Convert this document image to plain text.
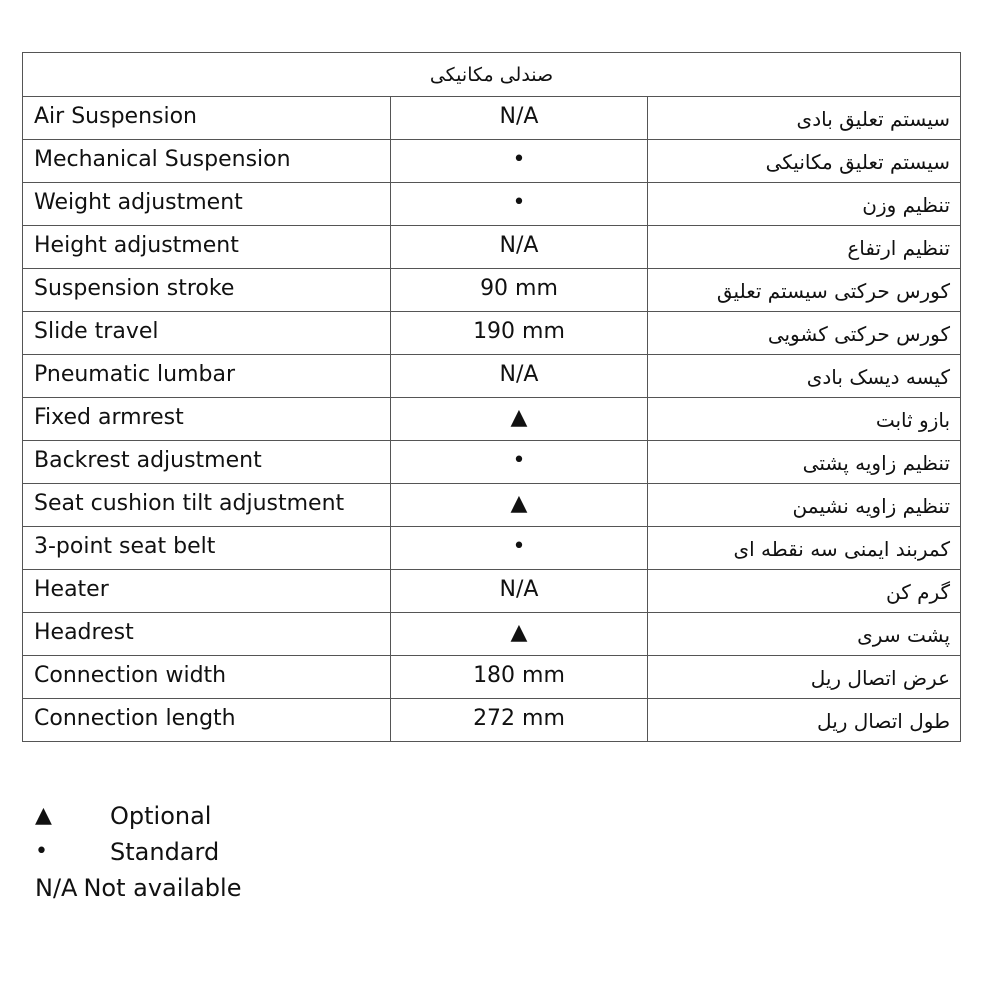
صندلی مکانیکی		
Air Suspension	N/A	سیستم تعلیق بادی
Mechanical Suspension	•	سیستم تعلیق مکانیکی
Weight adjustment	•	تنظیم وزن
Height adjustment	N/A	تنظیم ارتفاع
Suspension stroke	90 mm	کورس حرکتی سیستم تعلیق
Slide travel	190 mm	کورس حرکتی کشویی
Pneumatic lumbar	N/A	کیسه دیسک بادی
Fixed armrest	▲	بازو ثابت
Backrest adjustment	•	تنظیم زاویه پشتی
Seat cushion tilt adjustment	▲	تنظیم زاویه نشیمن
3-point seat belt	•	کمربند ایمنی سه نقطه ای
Heater	N/A	گرم کن
Headrest	▲	پشت سری
Connection width	180 mm	عرض اتصال ریل
Connection length	272 mm	طول اتصال ریل
▲	Optional
•	Standard
N/A Not available
